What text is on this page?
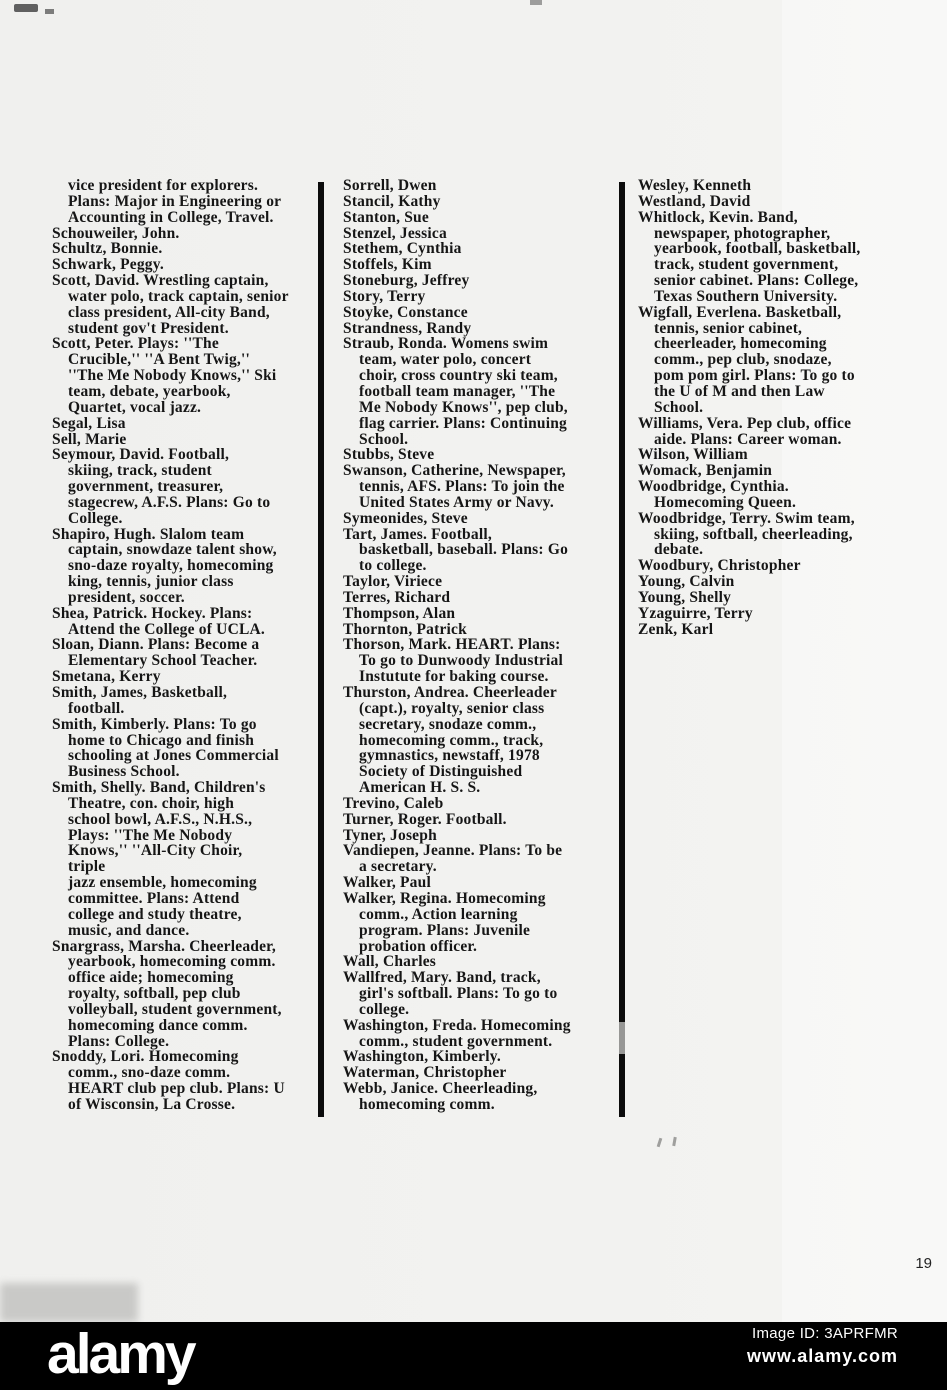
vice president for explorers.
Plans: Major in Engineering or
Accounting in College, Travel.
Schouweiler, John.
Schultz, Bonnie.
Schwark, Peggy.
Scott, David. Wrestling captain,
water polo, track captain, senior
class president, All-city Band,
student gov't President.
Scott, Peter. Plays: ''The
Crucible,'' ''A Bent Twig,''
''The Me Nobody Knows,'' Ski
team, debate, yearbook,
Quartet, vocal jazz.
Segal, Lisa
Sell, Marie
Seymour, David. Football,
skiing, track, student
government, treasurer,
stagecrew, A.F.S. Plans: Go to
College.
Shapiro, Hugh. Slalom team
captain, snowdaze talent show,
sno-daze royalty, homecoming
king, tennis, junior class
president, soccer.
Shea, Patrick. Hockey. Plans:
Attend the College of UCLA.
Sloan, Diann. Plans: Become a
Elementary School Teacher.
Smetana, Kerry
Smith, James, Basketball,
football.
Smith, Kimberly. Plans: To go
home to Chicago and finish
schooling at Jones Commercial
Business School.
Smith, Shelly. Band, Children's
Theatre, con. choir, high
school bowl, A.F.S., N.H.S.,
Plays: ''The Me Nobody
Knows,'' ''All-City Choir,
triple
jazz ensemble, homecoming
committee. Plans: Attend
college and study theatre,
music, and dance.
Snargrass, Marsha. Cheerleader,
yearbook, homecoming comm.
office aide; homecoming
royalty, softball, pep club
volleyball, student government,
homecoming dance comm.
Plans: College.
Snoddy, Lori. Homecoming
comm., sno-daze comm.
HEART club pep club. Plans: U
of Wisconsin, La Crosse.
Sorrell, Dwen
Stancil, Kathy
Stanton, Sue
Stenzel, Jessica
Stethem, Cynthia
Stoffels, Kim
Stoneburg, Jeffrey
Story, Terry
Stoyke, Constance
Strandness, Randy
Straub, Ronda. Womens swim
team, water polo, concert
choir, cross country ski team,
football team manager, ''The
Me Nobody Knows'', pep club,
flag carrier. Plans: Continuing
School.
Stubbs, Steve
Swanson, Catherine, Newspaper,
tennis, AFS. Plans: To join the
United States Army or Navy.
Symeonides, Steve
Tart, James. Football,
basketball, baseball. Plans: Go
to college.
Taylor, Viriece
Terres, Richard
Thompson, Alan
Thornton, Patrick
Thorson, Mark. HEART. Plans:
To go to Dunwoody Industrial
Instutute for baking course.
Thurston, Andrea. Cheerleader
(capt.), royalty, senior class
secretary, snodaze comm.,
homecoming comm., track,
gymnastics, newstaff, 1978
Society of Distinguished
American H. S. S.
Trevino, Caleb
Turner, Roger. Football.
Tyner, Joseph
Vandiepen, Jeanne. Plans: To be
a secretary.
Walker, Paul
Walker, Regina. Homecoming
comm., Action learning
program. Plans: Juvenile
probation officer.
Wall, Charles
Wallfred, Mary. Band, track,
girl's softball. Plans: To go to
college.
Washington, Freda. Homecoming
comm., student government.
Washington, Kimberly.
Waterman, Christopher
Webb, Janice. Cheerleading,
homecoming comm.
Wesley, Kenneth
Westland, David
Whitlock, Kevin. Band,
newspaper, photographer,
yearbook, football, basketball,
track, student government,
senior cabinet. Plans: College,
Texas Southern University.
Wigfall, Everlena. Basketball,
tennis, senior cabinet,
cheerleader, homecoming
comm., pep club, snodaze,
pom pom girl. Plans: To go to
the U of M and then Law
School.
Williams, Vera. Pep club, office
aide. Plans: Career woman.
Wilson, William
Womack, Benjamin
Woodbridge, Cynthia.
Homecoming Queen.
Woodbridge, Terry. Swim team,
skiing, softball, cheerleading,
debate.
Woodbury, Christopher
Young, Calvin
Young, Shelly
Yzaguirre, Terry
Zenk, Karl
19
alamy	Image ID: 3APRFMR
www.alamy.com
